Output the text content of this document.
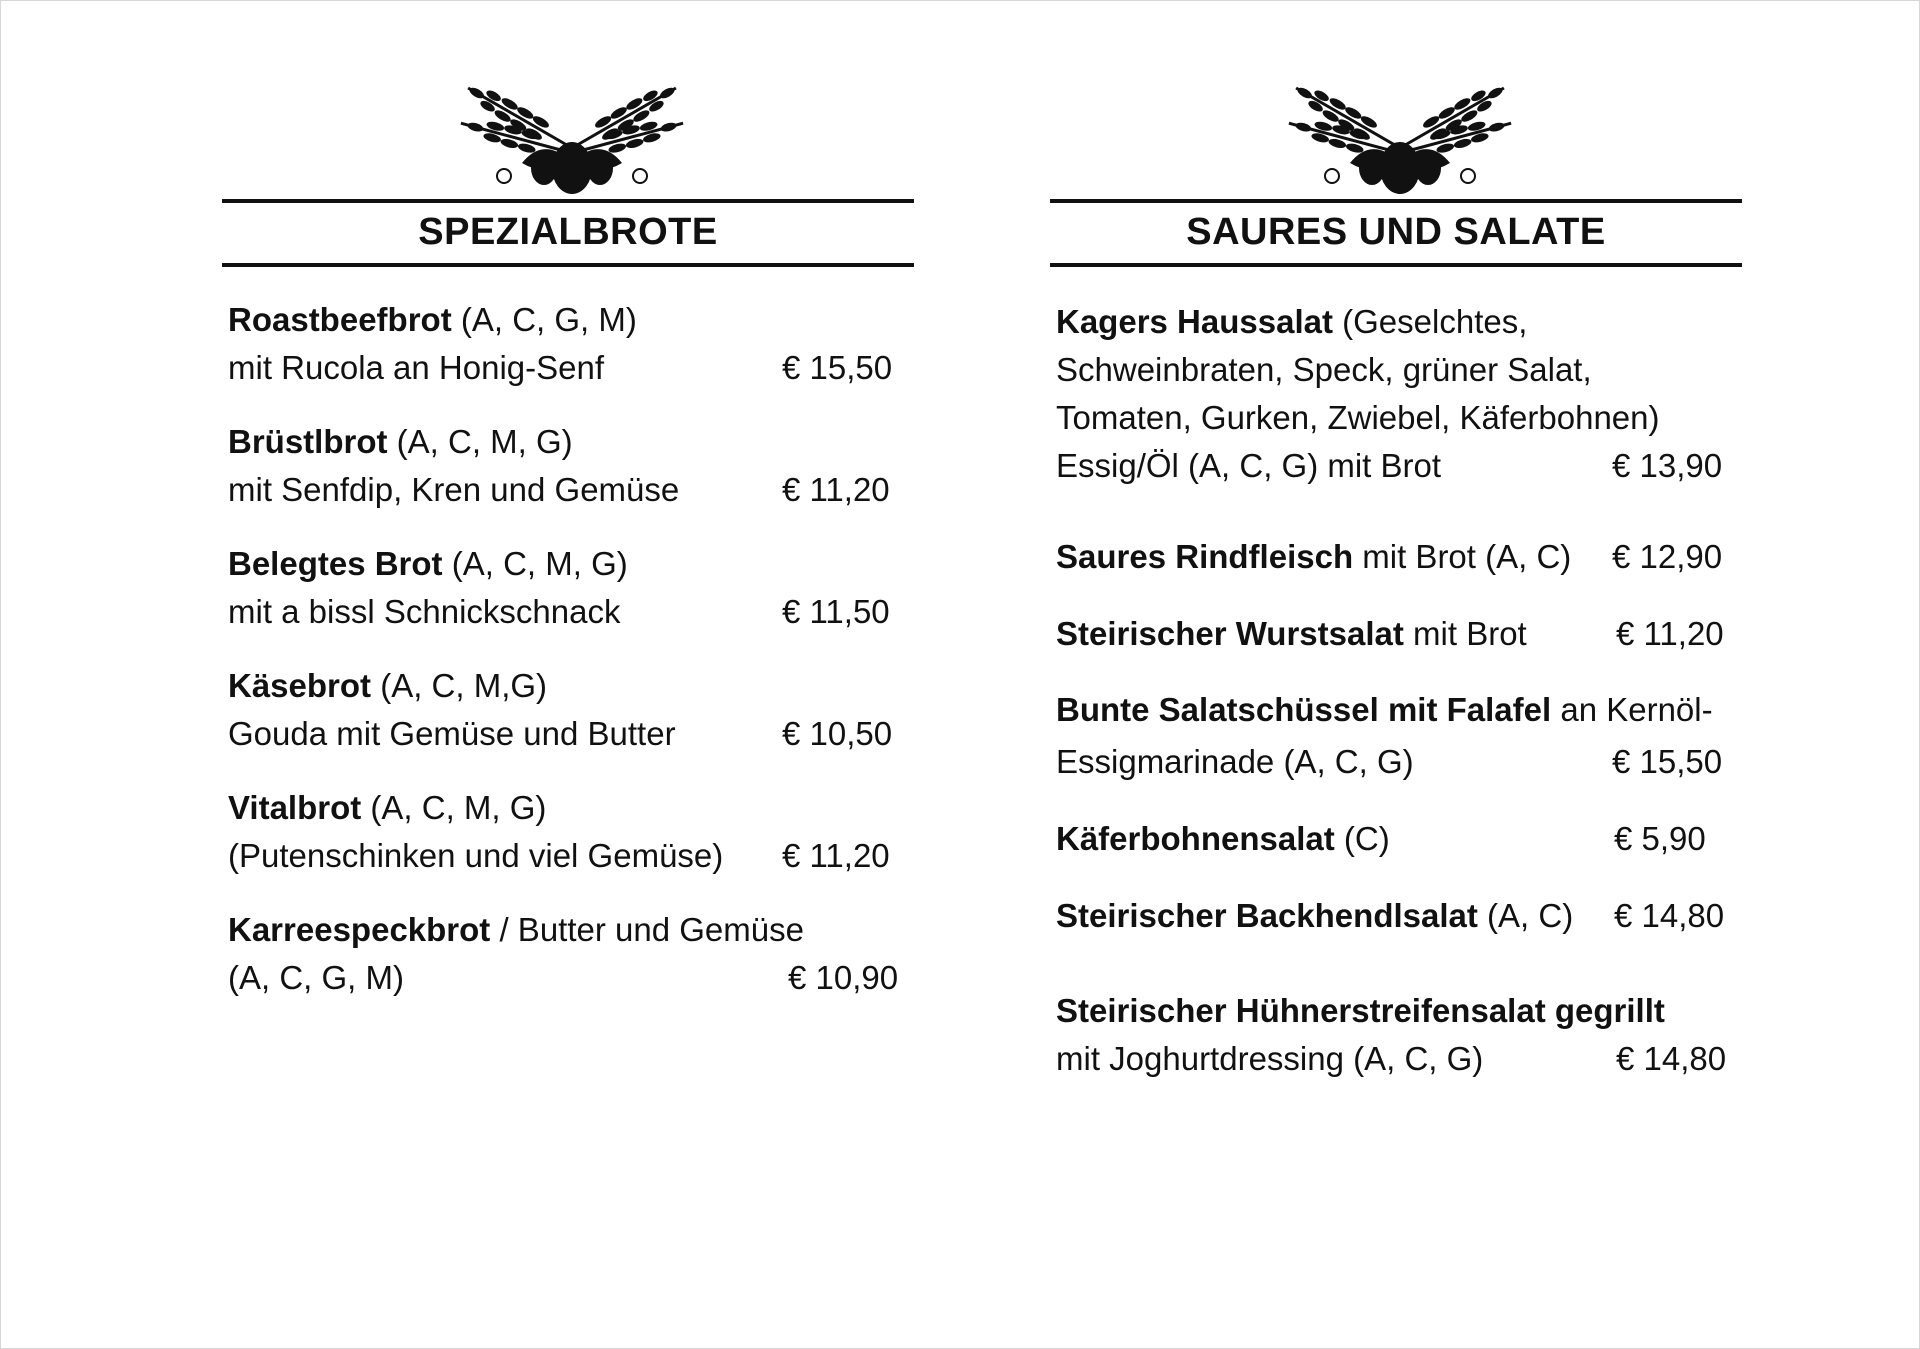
SPEZIALBROTE
Roastbeefbrot (A, C, G, M)
mit Rucola an Honig-Senf	€ 15,50
Brüstlbrot (A, C, M, G)
mit Senfdip, Kren und Gemüse	€ 11,20
Belegtes Brot (A, C, M, G)
mit a bissl Schnickschnack	€ 11,50
Käsebrot (A, C, M,G)
Gouda mit Gemüse und Butter	€ 10,50
Vitalbrot (A, C, M, G)
(Putenschinken und viel Gemüse) € 11,20
Karreespeckbrot / Butter und Gemüse
(A, C, G, M)	€ 10,90
SAURES UND SALATE
Kagers Haussalat (Geselchtes,
Schweinbraten, Speck, grüner Salat,
Tomaten, Gurken, Zwiebel, Käferbohnen)
Essig/Öl (A, C, G) mit Brot	€ 13,90
Saures Rindfleisch mit Brot (A, C) € 12,90
Steirischer Wurstsalat mit Brot	€ 11,20
Bunte Salatschüssel mit Falafel an Kernöl-
Essigmarinade (A, C, G)	€ 15,50
Käferbohnensalat (C)	€ 5,90
Steirischer Backhendlsalat (A, C) € 14,80
Steirischer Hühnerstreifensalat gegrillt
mit Joghurtdressing (A, C, G)	€ 14,80
